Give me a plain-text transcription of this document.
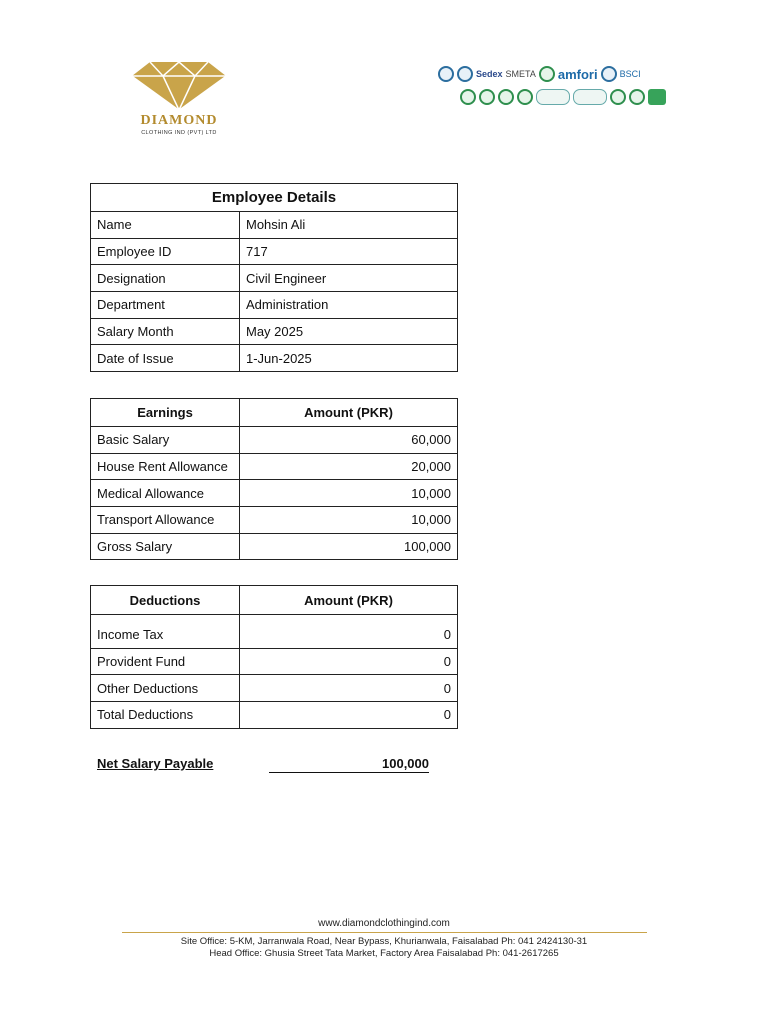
DIAMOND
CLOTHING IND (PVT) LTD
Sedex SMETA amfori BSCI
Employee Details	
Name	Mohsin Ali
Employee ID	717
Designation	Civil Engineer
Department	Administration
Salary Month	May 2025
Date of Issue	1-Jun-2025
Earnings	Amount (PKR)
Basic Salary	60,000
House Rent Allowance	20,000
Medical Allowance	10,000
Transport Allowance	10,000
Gross Salary	100,000
Deductions	Amount (PKR)

Income Tax	0
Provident Fund	0
Other Deductions	0
Total Deductions	0
Net Salary Payable	100,000
www.diamondclothingind.com
Site Office: 5-KM, Jarranwala Road, Near Bypass, Khurianwala, Faisalabad Ph: 041 2424130-31
Head Office: Ghusia Street Tata Market, Factory Area Faisalabad Ph: 041-2617265
